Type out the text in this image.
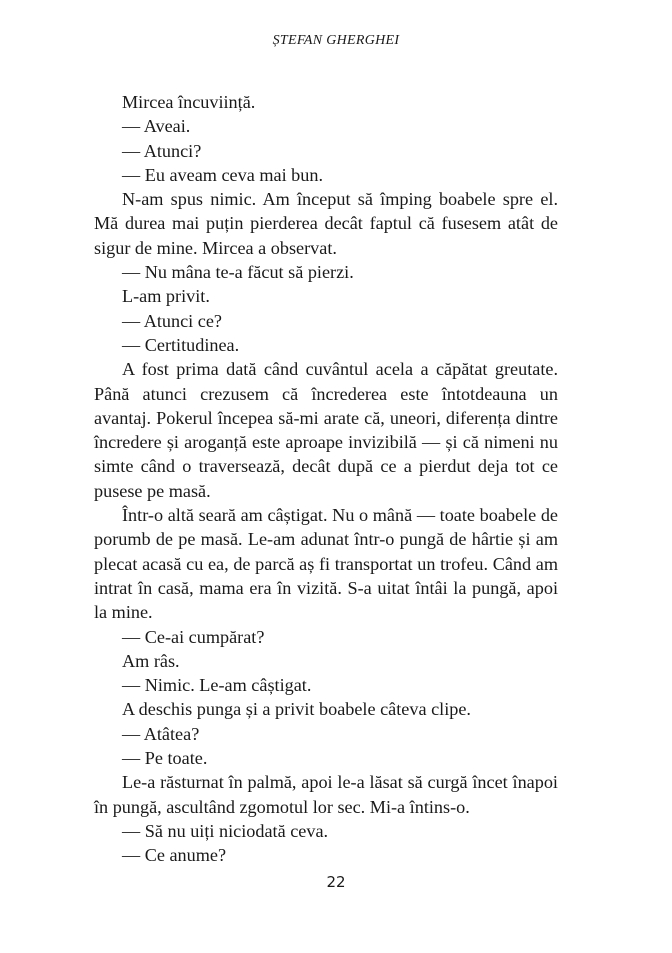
ȘTEFAN GHERGHEI

Mircea încuviință.

— Aveai.

— Atunci?

— Eu aveam ceva mai bun.

N-am spus nimic. Am început să împing boabele spre el. Mă durea mai puțin pierderea decât faptul că fusesem atât de sigur de mine. Mircea a observat.

— Nu mâna te-a făcut să pierzi.

L-am privit.

— Atunci ce?

— Certitudinea.

A fost prima dată când cuvântul acela a căpătat greutate. Până atunci crezusem că încrederea este întotdeauna un avantaj. Pokerul începea să-mi arate că, uneori, diferența dintre încredere și aroganță este aproape invizibilă — și că nimeni nu simte când o traversează, decât după ce a pierdut deja tot ce pusese pe masă.

Într-o altă seară am câștigat. Nu o mână — toate boabele de porumb de pe masă. Le-am adunat într-o pungă de hârtie și am plecat acasă cu ea, de parcă aș fi transportat un trofeu. Când am intrat în casă, mama era în vizită. S-a uitat întâi la pungă, apoi la mine.

— Ce-ai cumpărat?

Am râs.

— Nimic. Le-am câștigat.

A deschis punga și a privit boabele câteva clipe.

— Atâtea?

— Pe toate.

Le-a răsturnat în palmă, apoi le-a lăsat să curgă încet înapoi în pungă, ascultând zgomotul lor sec. Mi-a întins-o.

— Să nu uiți niciodată ceva.

— Ce anume?

22
